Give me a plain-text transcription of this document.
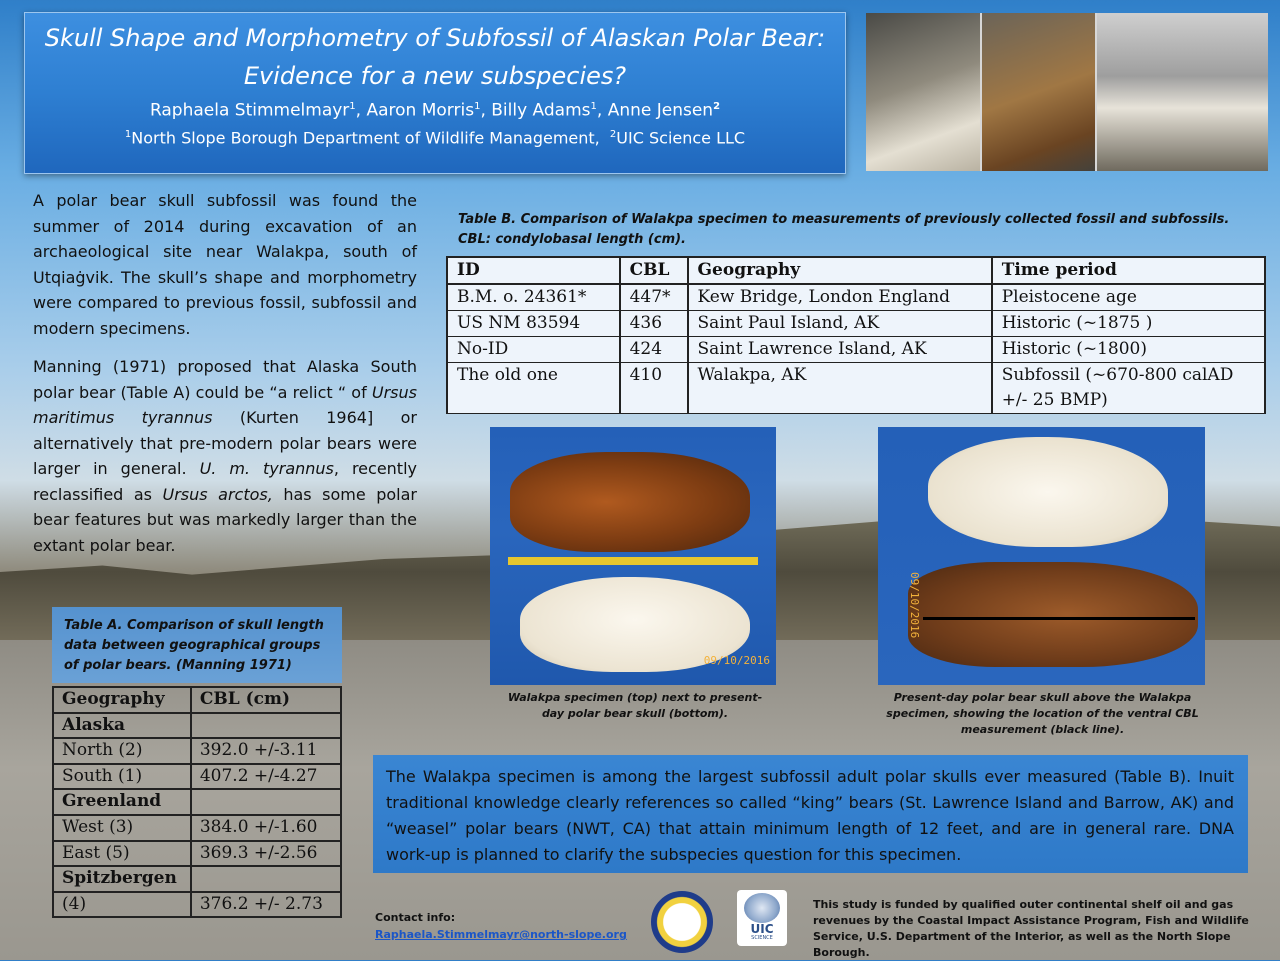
Skull Shape and Morphometry of Subfossil of Alaskan Polar Bear:
Evidence for a new subspecies?
Raphaela Stimmelmayr$^1$, Aaron Morris$^1$, Billy Adams$^1$, Anne Jensen$^2$
$^1$North Slope Borough Department of Wildlife Management, $^2$UIC Science LLC

A polar bear skull subfossil was found the summer of 2014 during excavation of an archaeological site near Walakpa, south of Utqiaġvik. The skull’s shape and morphometry were compared to previous fossil, subfossil and modern specimens.

Manning (1971) proposed that Alaska South polar bear (Table A) could be “a relict “ of Ursus maritimus tyrannus (Kurten 1964] or alternatively that pre-modern polar bears were larger in general. U. m. tyrannus, recently reclassified as Ursus arctos, has some polar bear features but was markedly larger than the extant polar bear.

Table B. Comparison of Walakpa specimen to measurements of previously collected fossil and subfossils. CBL: condylobasal length (cm).
ID	CBL	Geography	Time period
B.M. o. 24361*	447*	Kew Bridge, London England	Pleistocene age
US NM 83594	436	Saint Paul Island, AK	Historic (~1875 )
No-ID	424	Saint Lawrence Island, AK	Historic (~1800)
The old one	410	Walakpa, AK	Subfossil (~670-800 calAD +/- 25 BMP)
09/10/2016
09/10/2016
Walakpa specimen (top) next to present-day polar bear skull (bottom).
Present-day polar bear skull above the Walakpa specimen, showing the location of the ventral CBL measurement (black line).
Table A. Comparison of skull length data between geographical groups of polar bears. (Manning 1971)
Geography	CBL (cm)
Alaska	
North (2)	392.0 +/-3.11
South (1)	407.2 +/-4.27
Greenland	
West (3)	384.0 +/-1.60
East (5)	369.3 +/-2.56
Spitzbergen	
(4)	376.2 +/- 2.73
The Walakpa specimen is among the largest subfossil adult polar skulls ever measured (Table B). Inuit traditional knowledge clearly references so called “king” bears (St. Lawrence Island and Barrow, AK) and “weasel” polar bears (NWT, CA) that attain minimum length of 12 feet, and are in general rare. DNA work-up is planned to clarify the subspecies question for this specimen.
Contact info:
Raphaela.Stimmelmayr@north-slope.org	UIC
SCIENCE
This study is funded by qualified outer continental shelf oil and gas revenues by the Coastal Impact Assistance Program, Fish and Wildlife Service, U.S. Department of the Interior, as well as the North Slope Borough.
